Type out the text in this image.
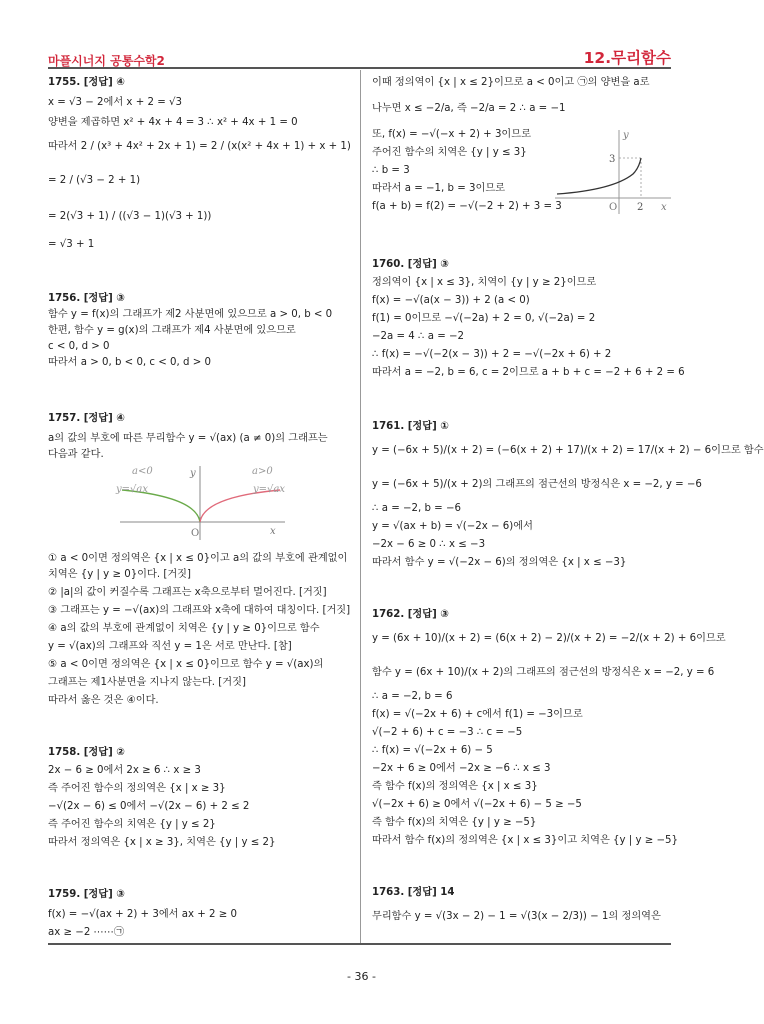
마플시너지 공통수학2	12.무리함수
1755. [정답] ④
x = √3 − 2에서 x + 2 = √3
양변을 제곱하면 x² + 4x + 4 = 3 ∴ x² + 4x + 1 = 0
따라서 2 / (x³ + 4x² + 2x + 1) = 2 / (x(x² + 4x + 1) + x + 1)
= 2 / (√3 − 2 + 1)
= 2(√3 + 1) / ((√3 − 1)(√3 + 1))
= √3 + 1
1756. [정답] ③
함수 y = f(x)의 그래프가 제2 사분면에 있으므로 a > 0, b < 0
한편, 함수 y = g(x)의 그래프가 제4 사분면에 있으므로
c < 0, d > 0
따라서 a > 0, b < 0, c < 0, d > 0
1757. [정답] ④
a의 값의 부호에 따른 무리함수 y = √(ax) (a ≠ 0)의 그래프는
다음과 같다.
① a < 0이면 정의역은 {x | x ≤ 0}이고 a의 값의 부호에 관계없이
치역은 {y | y ≥ 0}이다. [거짓]
② |a|의 값이 커질수록 그래프는 x축으로부터 멀어진다. [거짓]
③ 그래프는 y = −√(ax)의 그래프와 x축에 대하여 대칭이다. [거짓]
④ a의 값의 부호에 관계없이 치역은 {y | y ≥ 0}이므로 함수
y = √(ax)의 그래프와 직선 y = 1은 서로 만난다. [참]
⑤ a < 0이면 정의역은 {x | x ≤ 0}이므로 함수 y = √(ax)의
그래프는 제1사분면을 지나지 않는다. [거짓]
따라서 옳은 것은 ④이다.
1758. [정답] ②
2x − 6 ≥ 0에서 2x ≥ 6 ∴ x ≥ 3
즉 주어진 함수의 정의역은 {x | x ≥ 3}
−√(2x − 6) ≤ 0에서 −√(2x − 6) + 2 ≤ 2
즉 주어진 함수의 치역은 {y | y ≤ 2}
따라서 정의역은 {x | x ≥ 3}, 치역은 {y | y ≤ 2}
1759. [정답] ③
f(x) = −√(ax + 2) + 3에서 ax + 2 ≥ 0
ax ≥ −2 ⋯⋯㉠
이때 정의역이 {x | x ≤ 2}이므로 a < 0이고 ㉠의 양변을 a로
나누면 x ≤ −2/a, 즉 −2/a = 2 ∴ a = −1
또, f(x) = −√(−x + 2) + 3이므로
주어진 함수의 치역은 {y | y ≤ 3}
∴ b = 3
따라서 a = −1, b = 3이므로
f(a + b) = f(2) = −√(−2 + 2) + 3 = 3
1760. [정답] ③
정의역이 {x | x ≤ 3}, 치역이 {y | y ≥ 2}이므로
f(x) = −√(a(x − 3)) + 2 (a < 0)
f(1) = 0이므로 −√(−2a) + 2 = 0, √(−2a) = 2
−2a = 4 ∴ a = −2
∴ f(x) = −√(−2(x − 3)) + 2 = −√(−2x + 6) + 2
따라서 a = −2, b = 6, c = 2이므로 a + b + c = −2 + 6 + 2 = 6
1761. [정답] ①
y = (−6x + 5)/(x + 2) = (−6(x + 2) + 17)/(x + 2) = 17/(x + 2) − 6이므로 함수
y = (−6x + 5)/(x + 2)의 그래프의 점근선의 방정식은 x = −2, y = −6
∴ a = −2, b = −6
y = √(ax + b) = √(−2x − 6)에서
−2x − 6 ≥ 0 ∴ x ≤ −3
따라서 함수 y = √(−2x − 6)의 정의역은 {x | x ≤ −3}
1762. [정답] ③
y = (6x + 10)/(x + 2) = (6(x + 2) − 2)/(x + 2) = −2/(x + 2) + 6이므로
함수 y = (6x + 10)/(x + 2)의 그래프의 점근선의 방정식은 x = −2, y = 6
∴ a = −2, b = 6
f(x) = √(−2x + 6) + c에서 f(1) = −3이므로
√(−2 + 6) + c = −3 ∴ c = −5
∴ f(x) = √(−2x + 6) − 5
−2x + 6 ≥ 0에서 −2x ≥ −6 ∴ x ≤ 3
즉 함수 f(x)의 정의역은 {x | x ≤ 3}
√(−2x + 6) ≥ 0에서 √(−2x + 6) − 5 ≥ −5
즉 함수 f(x)의 치역은 {y | y ≥ −5}
따라서 함수 f(x)의 정의역은 {x | x ≤ 3}이고 치역은 {y | y ≥ −5}
1763. [정답] 14
무리함수 y = √(3x − 2) − 1 = √(3(x − 2/3)) − 1의 정의역은
a<0	a>0
y=√ax	y=√ax
y
x
O
y
x
O 2
3
- 36 -
